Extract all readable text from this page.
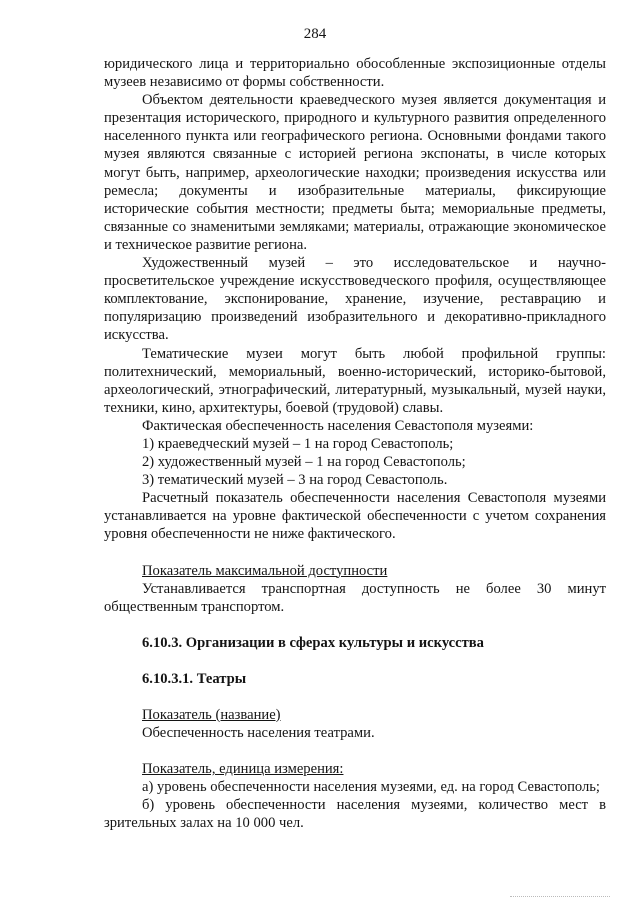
284

юридического лица и территориально обособленные экспозиционные отделы музеев независимо от формы собственности.

Объектом деятельности краеведческого музея является документация и презентация исторического, природного и культурного развития определенного населенного пункта или географического региона. Основными фондами такого музея являются связанные с историей региона экспонаты, в числе которых могут быть, например, археологические находки; произведения искусства или ремесла; документы и изобразительные материалы, фиксирующие исторические события местности; предметы быта; мемориальные предметы, связанные со знаменитыми земляками; материалы, отражающие экономическое и техническое развитие региона.

Художественный музей – это исследовательское и научно-просветительское учреждение искусствоведческого профиля, осуществляющее комплектование, экспонирование, хранение, изучение, реставрацию и популяризацию произведений изобразительного и декоративно-прикладного искусства.

Тематические музеи могут быть любой профильной группы: политехнический, мемориальный, военно-исторический, историко-бытовой, археологический, этнографический, литературный, музыкальный, музей науки, техники, кино, архитектуры, боевой (трудовой) славы.

Фактическая обеспеченность населения Севастополя музеями:

1) краеведческий музей – 1 на город Севастополь;

2) художественный музей – 1 на город Севастополь;

3) тематический музей – 3 на город Севастополь.

Расчетный показатель обеспеченности населения Севастополя музеями устанавливается на уровне фактической обеспеченности с учетом сохранения уровня обеспеченности не ниже фактического.

Показатель максимальной доступности

Устанавливается транспортная доступность не более 30 минут общественным транспортом.

6.10.3. Организации в сферах культуры и искусства

6.10.3.1. Театры

Показатель (название)

Обеспеченность населения театрами.

Показатель, единица измерения:

а) уровень обеспеченности населения музеями, ед. на город Севастополь;

б) уровень обеспеченности населения музеями, количество мест в зрительных залах на 10 000 чел.
